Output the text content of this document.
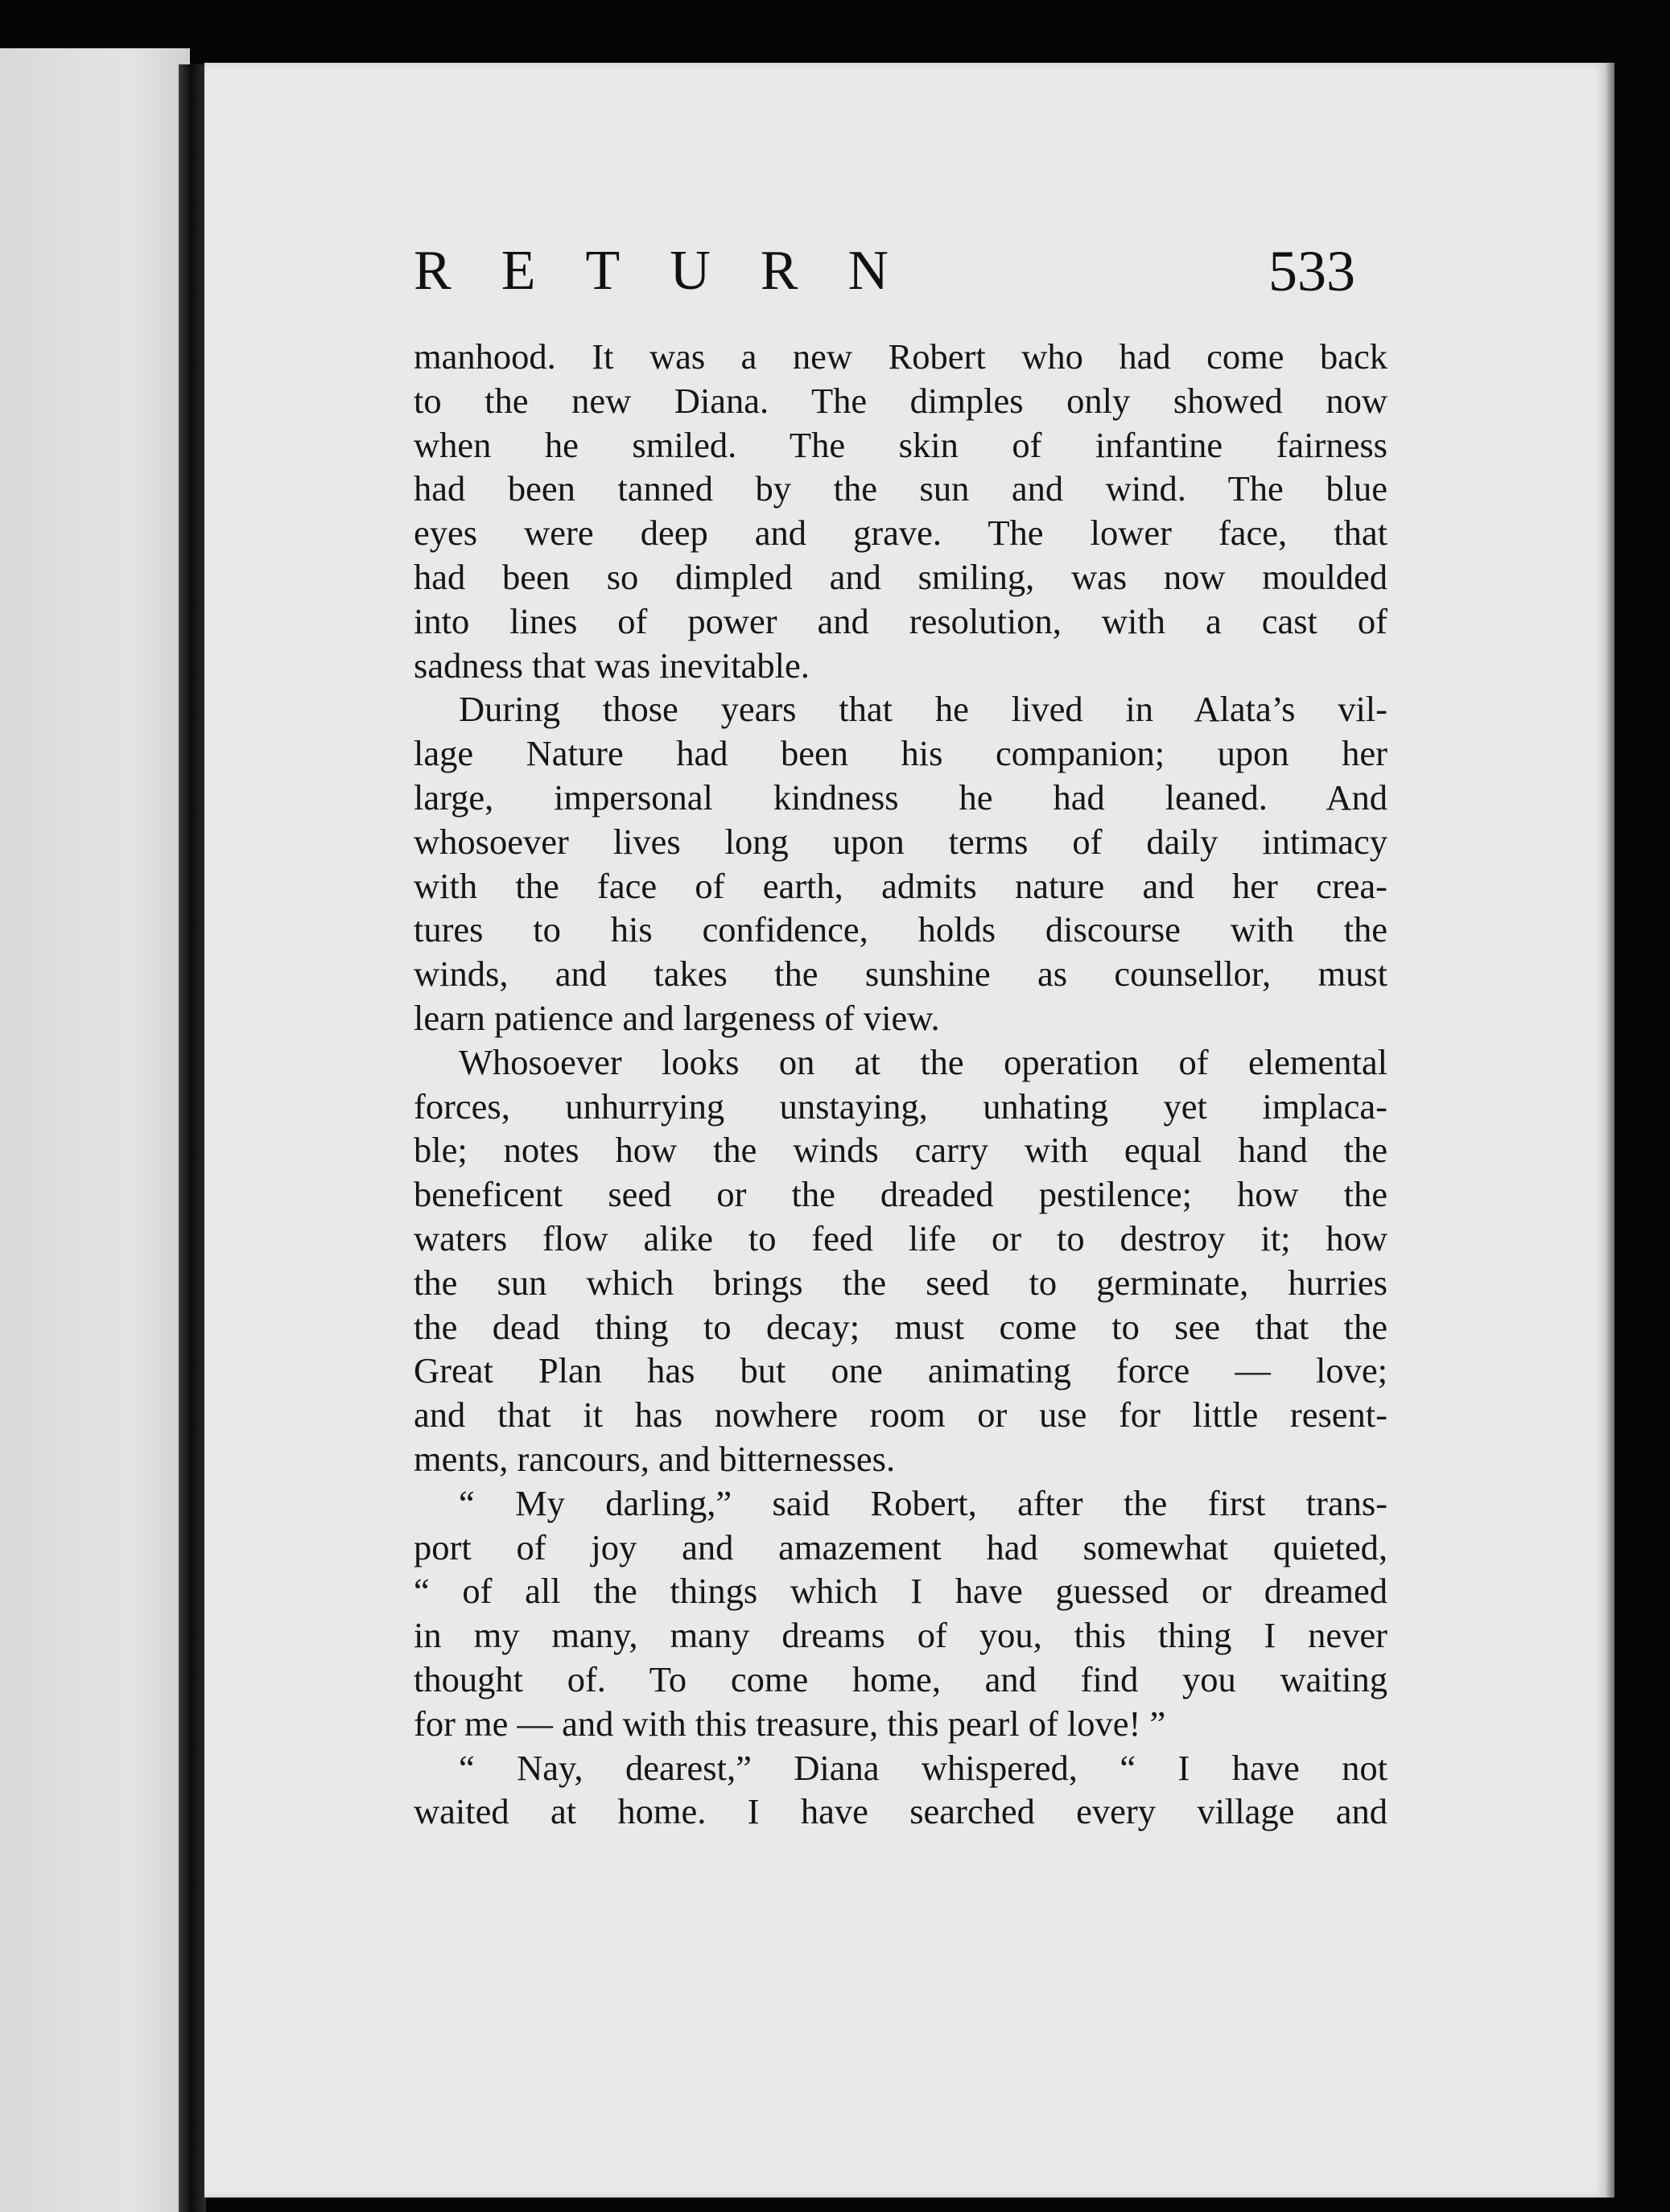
RETURN	533
manhood. It was a new Robert who had come back
to the new Diana. The dimples only showed now
when he smiled. The skin of infantine fairness
had been tanned by the sun and wind. The blue
eyes were deep and grave. The lower face, that
had been so dimpled and smiling, was now moulded
into lines of power and resolution, with a cast of
sadness that was inevitable.
During those years that he lived in Alata’s vil-
lage Nature had been his companion; upon her
large, impersonal kindness he had leaned. And
whosoever lives long upon terms of daily intimacy
with the face of earth, admits nature and her crea-
tures to his confidence, holds discourse with the
winds, and takes the sunshine as counsellor, must
learn patience and largeness of view.
Whosoever looks on at the operation of elemental
forces, unhurrying unstaying, unhating yet implaca-
ble; notes how the winds carry with equal hand the
beneficent seed or the dreaded pestilence; how the
waters flow alike to feed life or to destroy it; how
the sun which brings the seed to germinate, hurries
the dead thing to decay; must come to see that the
Great Plan has but one animating force — love;
and that it has nowhere room or use for little resent-
ments, rancours, and bitternesses.
“ My darling,” said Robert, after the first trans-
port of joy and amazement had somewhat quieted,
“ of all the things which I have guessed or dreamed
in my many, many dreams of you, this thing I never
thought of. To come home, and find you waiting
for me — and with this treasure, this pearl of love! ”
“ Nay, dearest,” Diana whispered, “ I have not
waited at home. I have searched every village and
